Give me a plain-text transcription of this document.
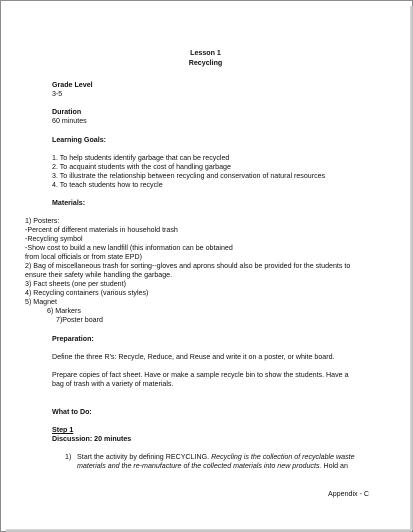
Lesson 1
Recycling
Grade Level
3-5
Duration
60 minutes
Learning Goals:
1. To help students identify garbage that can be recycled
2. To acquaint students with the cost of handling garbage
3. To illustrate the relationship between recycling and conservation of natural resources
4. To teach students how to recycle
Materials:
1) Posters:
-Percent of different materials in household trash
-Recycling symbol
-Show cost to build a new landfill (this information can be obtained
from local officials or from state EPD)
2) Bag of miscellaneous trash for sorting--gloves and aprons should also be provided for the students to
ensure their safety while handling the garbage.
3) Fact sheets (one per student)
4) Recycling containers (various styles)
5) Magnet
6) Markers
7)Poster board
Preparation:
Define the three R's: Recycle, Reduce, and Reuse and write it on a poster, or white board.
Prepare copies of fact sheet. Have or make a sample recycle bin to show the students. Have a
bag of trash with a variety of materials.
What to Do:
Step 1
Discussion: 20 minutes
1) Start the activity by defining RECYCLING. Recycling is the collection of recyclable waste
materials and the re-manufacture of the collected materials into new products. Hold an
Appendix - C
